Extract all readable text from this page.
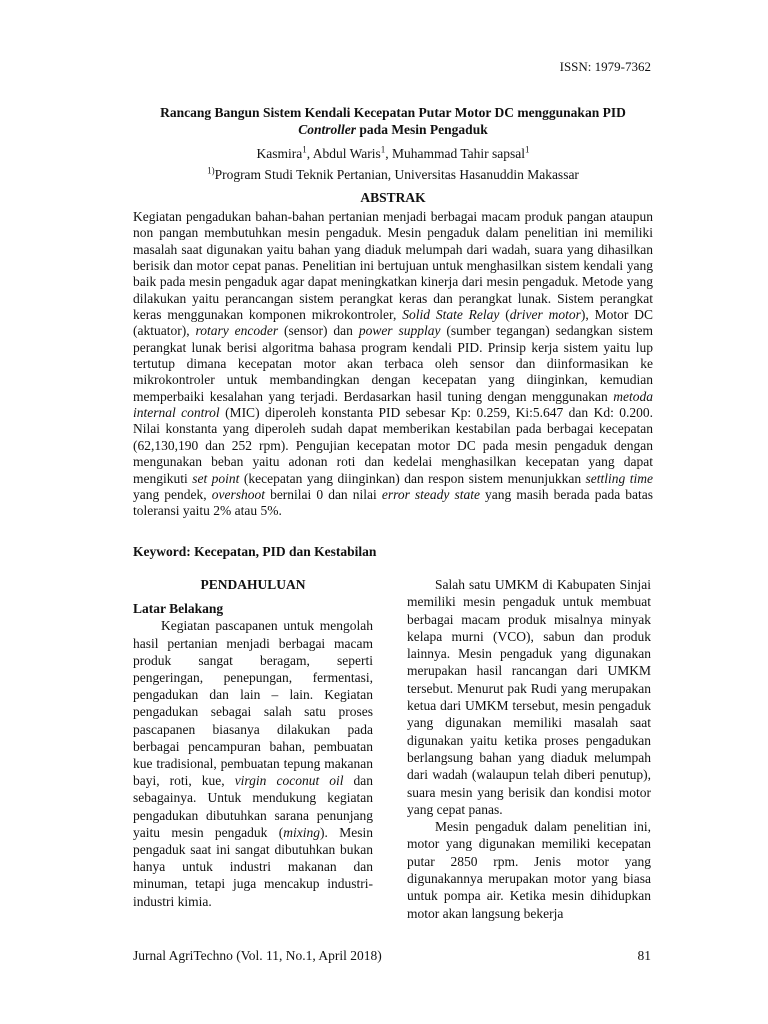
ISSN: 1979-7362
Rancang Bangun Sistem Kendali Kecepatan Putar Motor DC menggunakan PID
Controller pada Mesin Pengaduk
Kasmira$^1$, Abdul Waris$^1$, Muhammad Tahir sapsal$^1$
$^{1)}$Program Studi Teknik Pertanian, Universitas Hasanuddin Makassar
ABSTRAK
Kegiatan pengadukan bahan-bahan pertanian menjadi berbagai macam produk pangan ataupun non pangan membutuhkan mesin pengaduk. Mesin pengaduk dalam penelitian ini memiliki masalah saat digunakan yaitu bahan yang diaduk melumpah dari wadah, suara yang dihasilkan berisik dan motor cepat panas. Penelitian ini bertujuan untuk menghasilkan sistem kendali yang baik pada mesin pengaduk agar dapat meningkatkan kinerja dari mesin pengaduk. Metode yang dilakukan yaitu perancangan sistem perangkat keras dan perangkat lunak. Sistem perangkat keras menggunakan komponen mikrokontroler, Solid State Relay (driver motor), Motor DC (aktuator), rotary encoder (sensor) dan power supplay (sumber tegangan) sedangkan sistem perangkat lunak berisi algoritma bahasa program kendali PID. Prinsip kerja sistem yaitu lup tertutup dimana kecepatan motor akan terbaca oleh sensor dan diinformasikan ke mikrokontroler untuk membandingkan dengan kecepatan yang diinginkan, kemudian memperbaiki kesalahan yang terjadi. Berdasarkan hasil tuning dengan menggunakan metoda internal control (MIC) diperoleh konstanta PID sebesar Kp: 0.259, Ki:5.647 dan Kd: 0.200. Nilai konstanta yang diperoleh sudah dapat memberikan kestabilan pada berbagai kecepatan (62,130,190 dan 252 rpm). Pengujian kecepatan motor DC pada mesin pengaduk dengan mengunakan beban yaitu adonan roti dan kedelai menghasilkan kecepatan yang dapat mengikuti set point (kecepatan yang diinginkan) dan respon sistem menunjukkan settling time yang pendek, overshoot bernilai 0 dan nilai error steady state yang masih berada pada batas toleransi yaitu 2% atau 5%.
Keyword: Kecepatan, PID dan Kestabilan
PENDAHULUAN
Latar Belakang

Kegiatan pascapanen untuk mengolah hasil pertanian menjadi berbagai macam produk sangat beragam, seperti pengeringan, penepungan, fermentasi, pengadukan dan lain – lain. Kegiatan pengadukan sebagai salah satu proses pascapanen biasanya dilakukan pada berbagai pencampuran bahan, pembuatan kue tradisional, pembuatan tepung makanan bayi, roti, kue, virgin coconut oil dan sebagainya. Untuk mendukung kegiatan pengadukan dibutuhkan sarana penunjang yaitu mesin pengaduk (mixing). Mesin pengaduk saat ini sangat dibutuhkan bukan hanya untuk industri makanan dan minuman, tetapi juga mencakup industri-industri kimia.

Salah satu UMKM di Kabupaten Sinjai memiliki mesin pengaduk untuk membuat berbagai macam produk misalnya minyak kelapa murni (VCO), sabun dan produk lainnya. Mesin pengaduk yang digunakan merupakan hasil rancangan dari UMKM tersebut. Menurut pak Rudi yang merupakan ketua dari UMKM tersebut, mesin pengaduk yang digunakan memiliki masalah saat digunakan yaitu ketika proses pengadukan berlangsung bahan yang diaduk melumpah dari wadah (walaupun telah diberi penutup), suara mesin yang berisik dan kondisi motor yang cepat panas.

Mesin pengaduk dalam penelitian ini, motor yang digunakan memiliki kecepatan putar 2850 rpm. Jenis motor yang digunakannya merupakan motor yang biasa untuk pompa air. Ketika mesin dihidupkan motor akan langsung bekerja

Jurnal AgriTechno (Vol. 11, No.1, April 2018)	81
